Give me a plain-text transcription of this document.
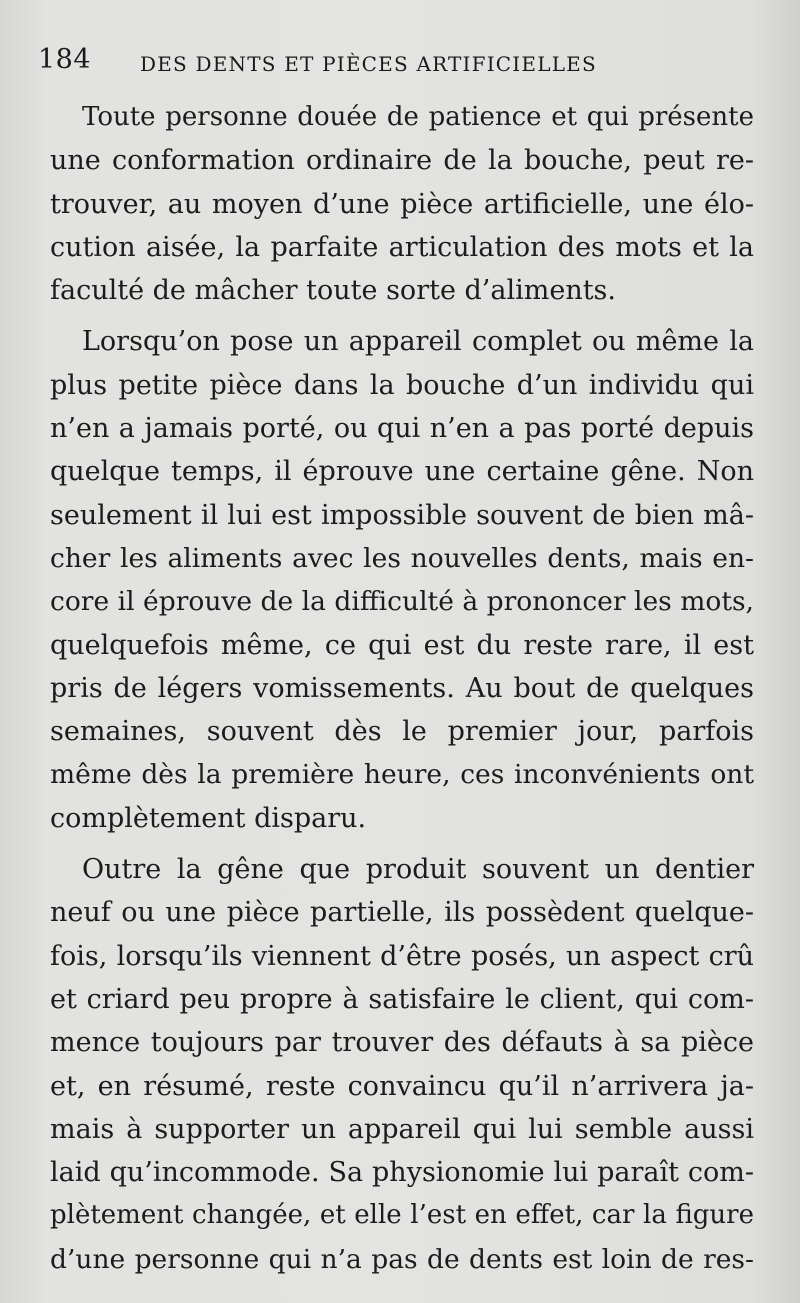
184 DES DENTS ET PIÈCES ARTIFICIELLES
Toute personne douée de patience et qui présente
une conformation ordinaire de la bouche, peut re-
trouver, au moyen d’une pièce artificielle, une élo-
cution aisée, la parfaite articulation des mots et la
faculté de mâcher toute sorte d’aliments.
Lorsqu’on pose un appareil complet ou même la
plus petite pièce dans la bouche d’un individu qui
n’en a jamais porté, ou qui n’en a pas porté depuis
quelque temps, il éprouve une certaine gêne. Non
seulement il lui est impossible souvent de bien mâ-
cher les aliments avec les nouvelles dents, mais en-
core il éprouve de la difficulté à prononcer les mots,
quelquefois même, ce qui est du reste rare, il est
pris de légers vomissements. Au bout de quelques
semaines, souvent dès le premier jour, parfois
même dès la première heure, ces inconvénients ont
complètement disparu.
Outre la gêne que produit souvent un dentier
neuf ou une pièce partielle, ils possèdent quelque-
fois, lorsqu’ils viennent d’être posés, un aspect crû
et criard peu propre à satisfaire le client, qui com-
mence toujours par trouver des défauts à sa pièce
et, en résumé, reste convaincu qu’il n’arrivera ja-
mais à supporter un appareil qui lui semble aussi
laid qu’incommode. Sa physionomie lui paraît com-
plètement changée, et elle l’est en effet, car la figure
d’une personne qui n’a pas de dents est loin de res-
